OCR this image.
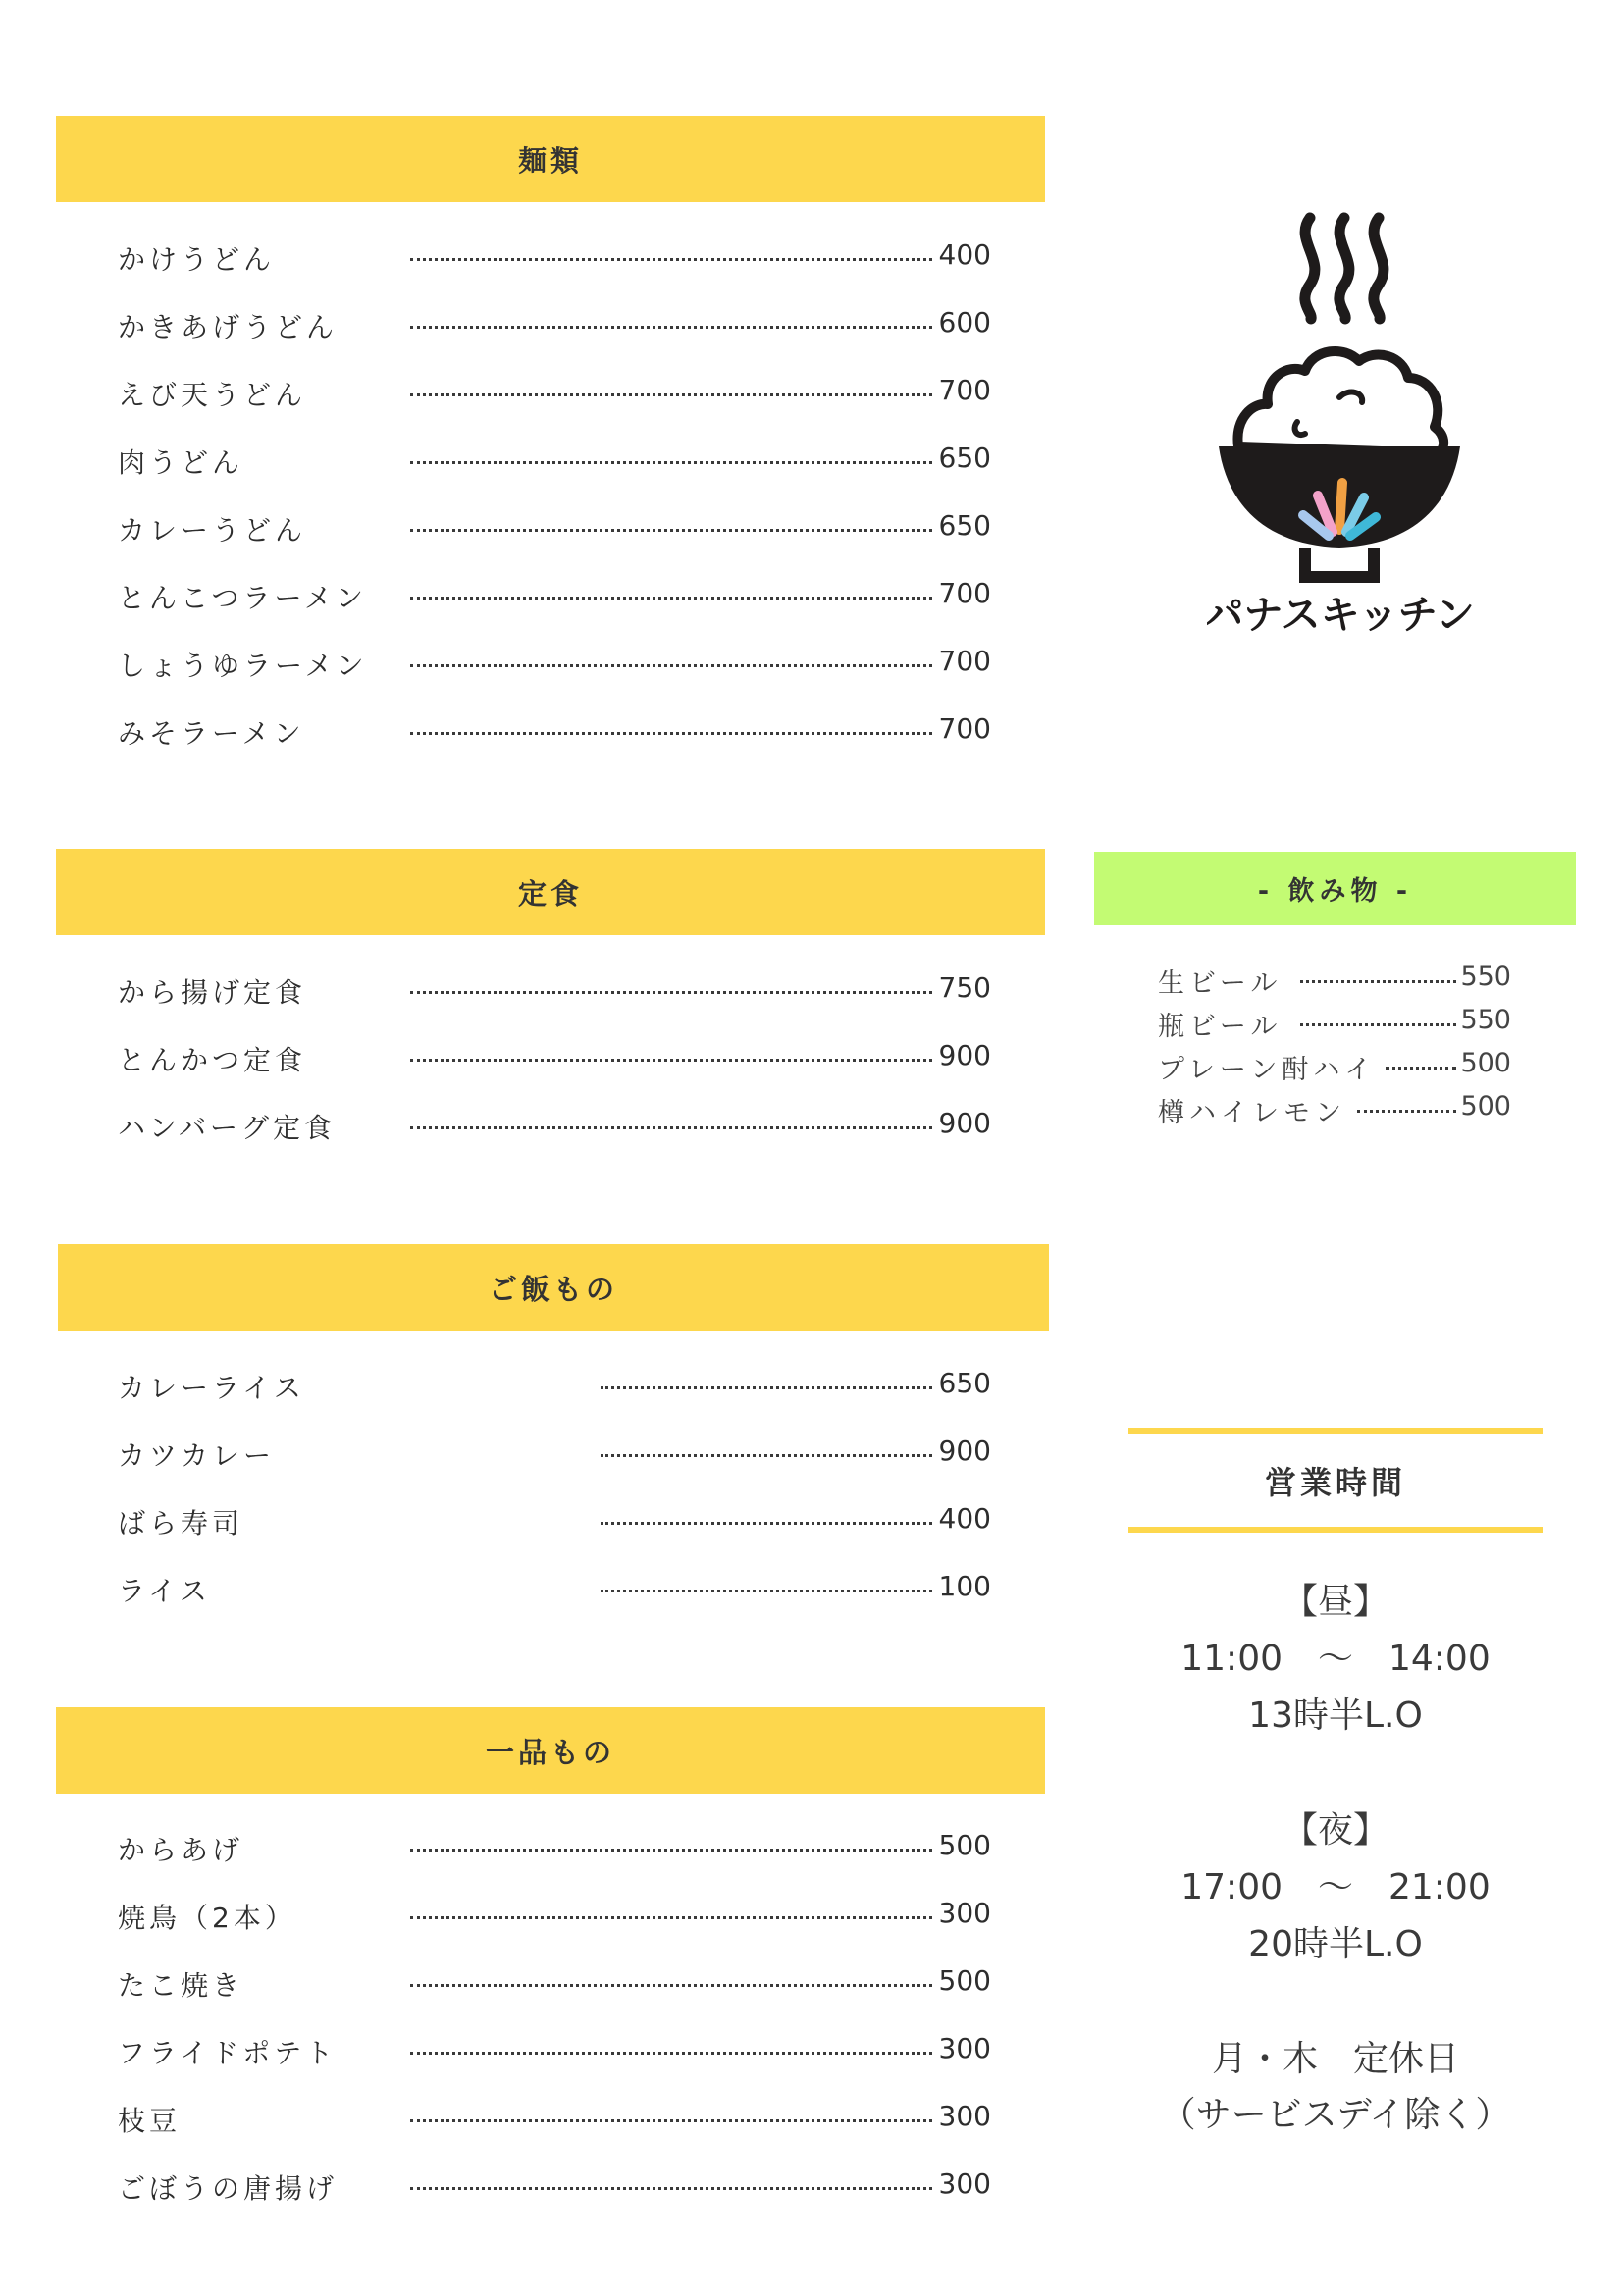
麺類
かけうどん	400
かきあげうどん	600
えび天うどん	700
肉うどん	650
カレーうどん	650
とんこつラーメン	700
しょうゆラーメン	700
みそラーメン	700
定食
から揚げ定食	750
とんかつ定食	900
ハンバーグ定食	900
ご飯もの
カレーライス	650
カツカレー	900
ばら寿司	400
ライス	100
一品もの
からあげ	500
焼鳥（2本）	300
たこ焼き	500
フライドポテト	300
枝豆	300
ごぼうの唐揚げ	300
パナスキッチン
- 飲み物 -
生ビール	550
瓶ビール	550
プレーン酎ハイ	500
樽ハイレモン	500
営業時間
【昼】
11:00　～　14:00
13時半L.O
【夜】
17:00　～　21:00
20時半L.O
月・木　定休日
（サービスデイ除く）
